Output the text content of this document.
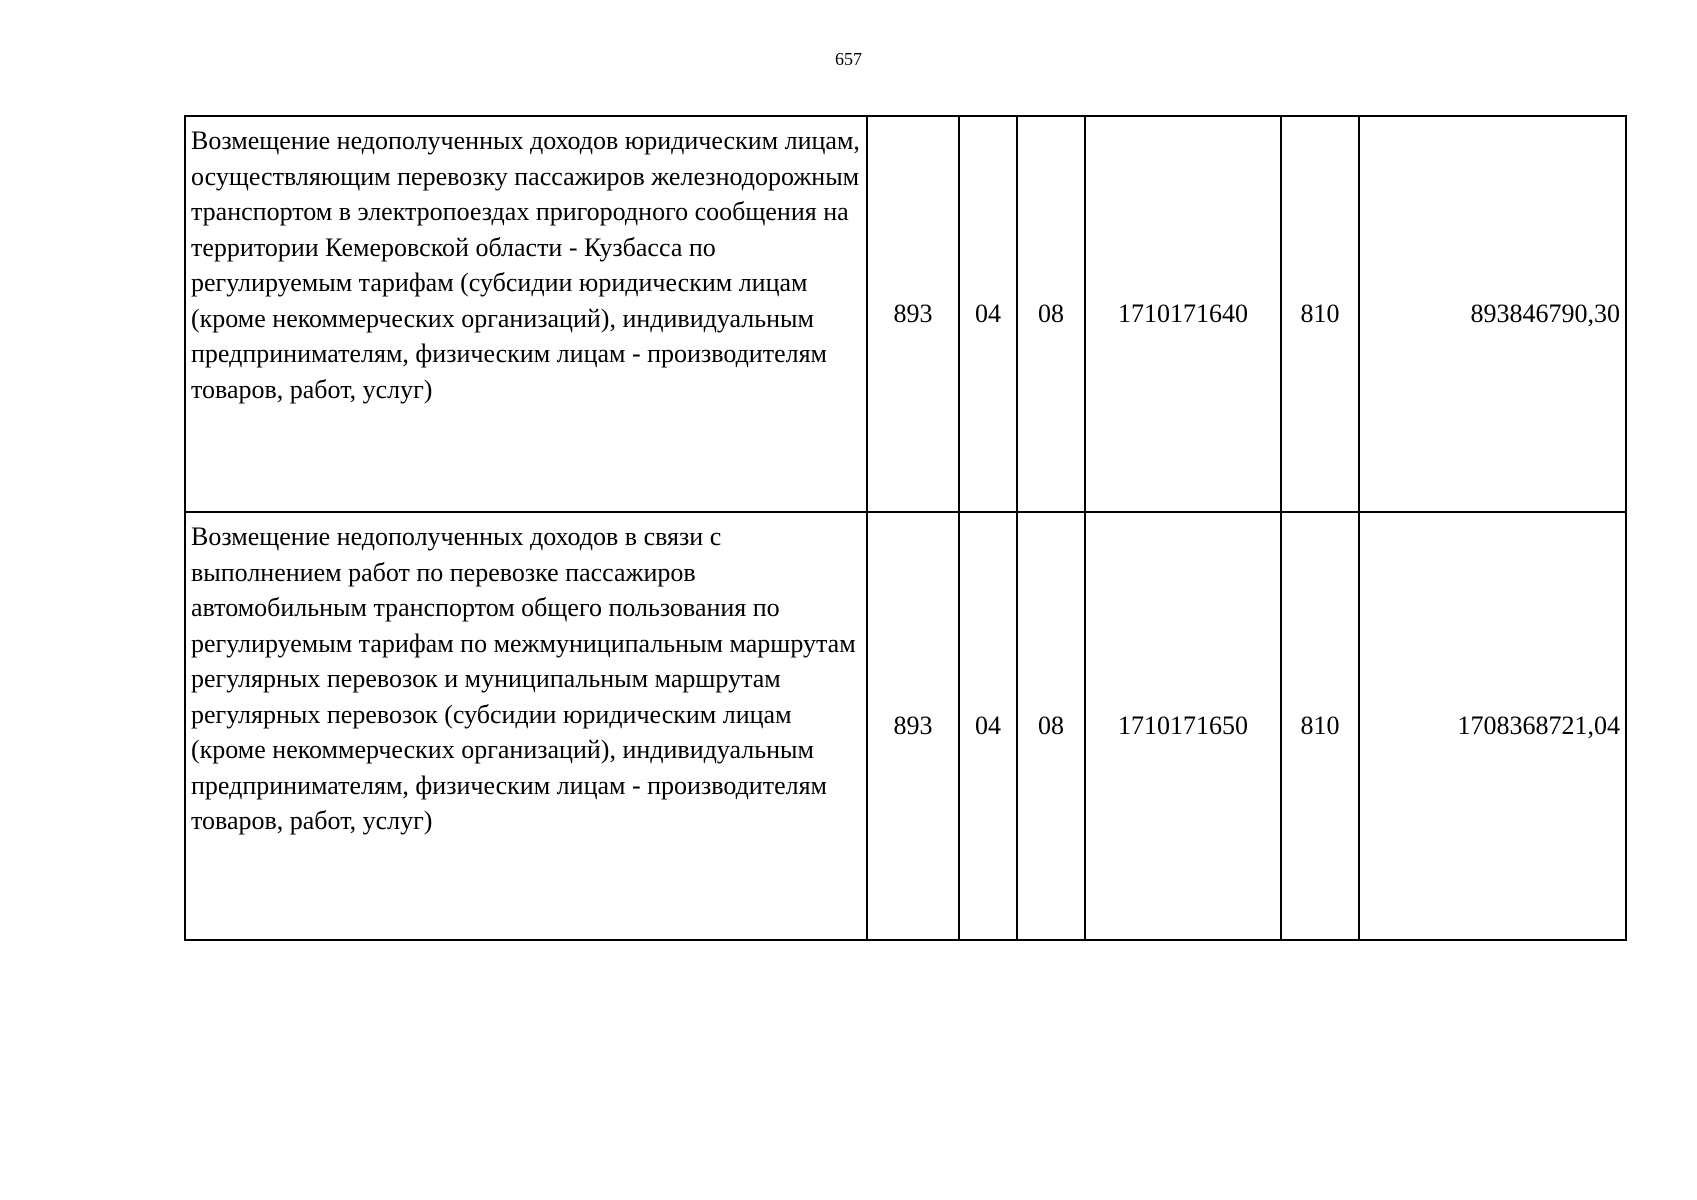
657
Возмещение недополученных доходов юридическим лицам, осуществляющим перевозку пассажиров железнодорожным транспортом в электропоездах пригородного сообщения на территории Кемеровской области - Кузбасса по регулируемым тарифам (субсидии юридическим лицам (кроме некоммерческих организаций), индивидуальным предпринимателям, физическим лицам - производителям товаров, работ, услуг)	893	04	08	1710171640	810	893846790,30
Возмещение недополученных доходов в связи с выполнением работ по перевозке пассажиров автомобильным транспортом общего пользования по регулируемым тарифам по межмуниципальным маршрутам регулярных перевозок и муниципальным маршрутам регулярных перевозок (субсидии юридическим лицам (кроме некоммерческих организаций), индивидуальным предпринимателям, физическим лицам - производителям товаров, работ, услуг)	893	04	08	1710171650	810	1708368721,04
